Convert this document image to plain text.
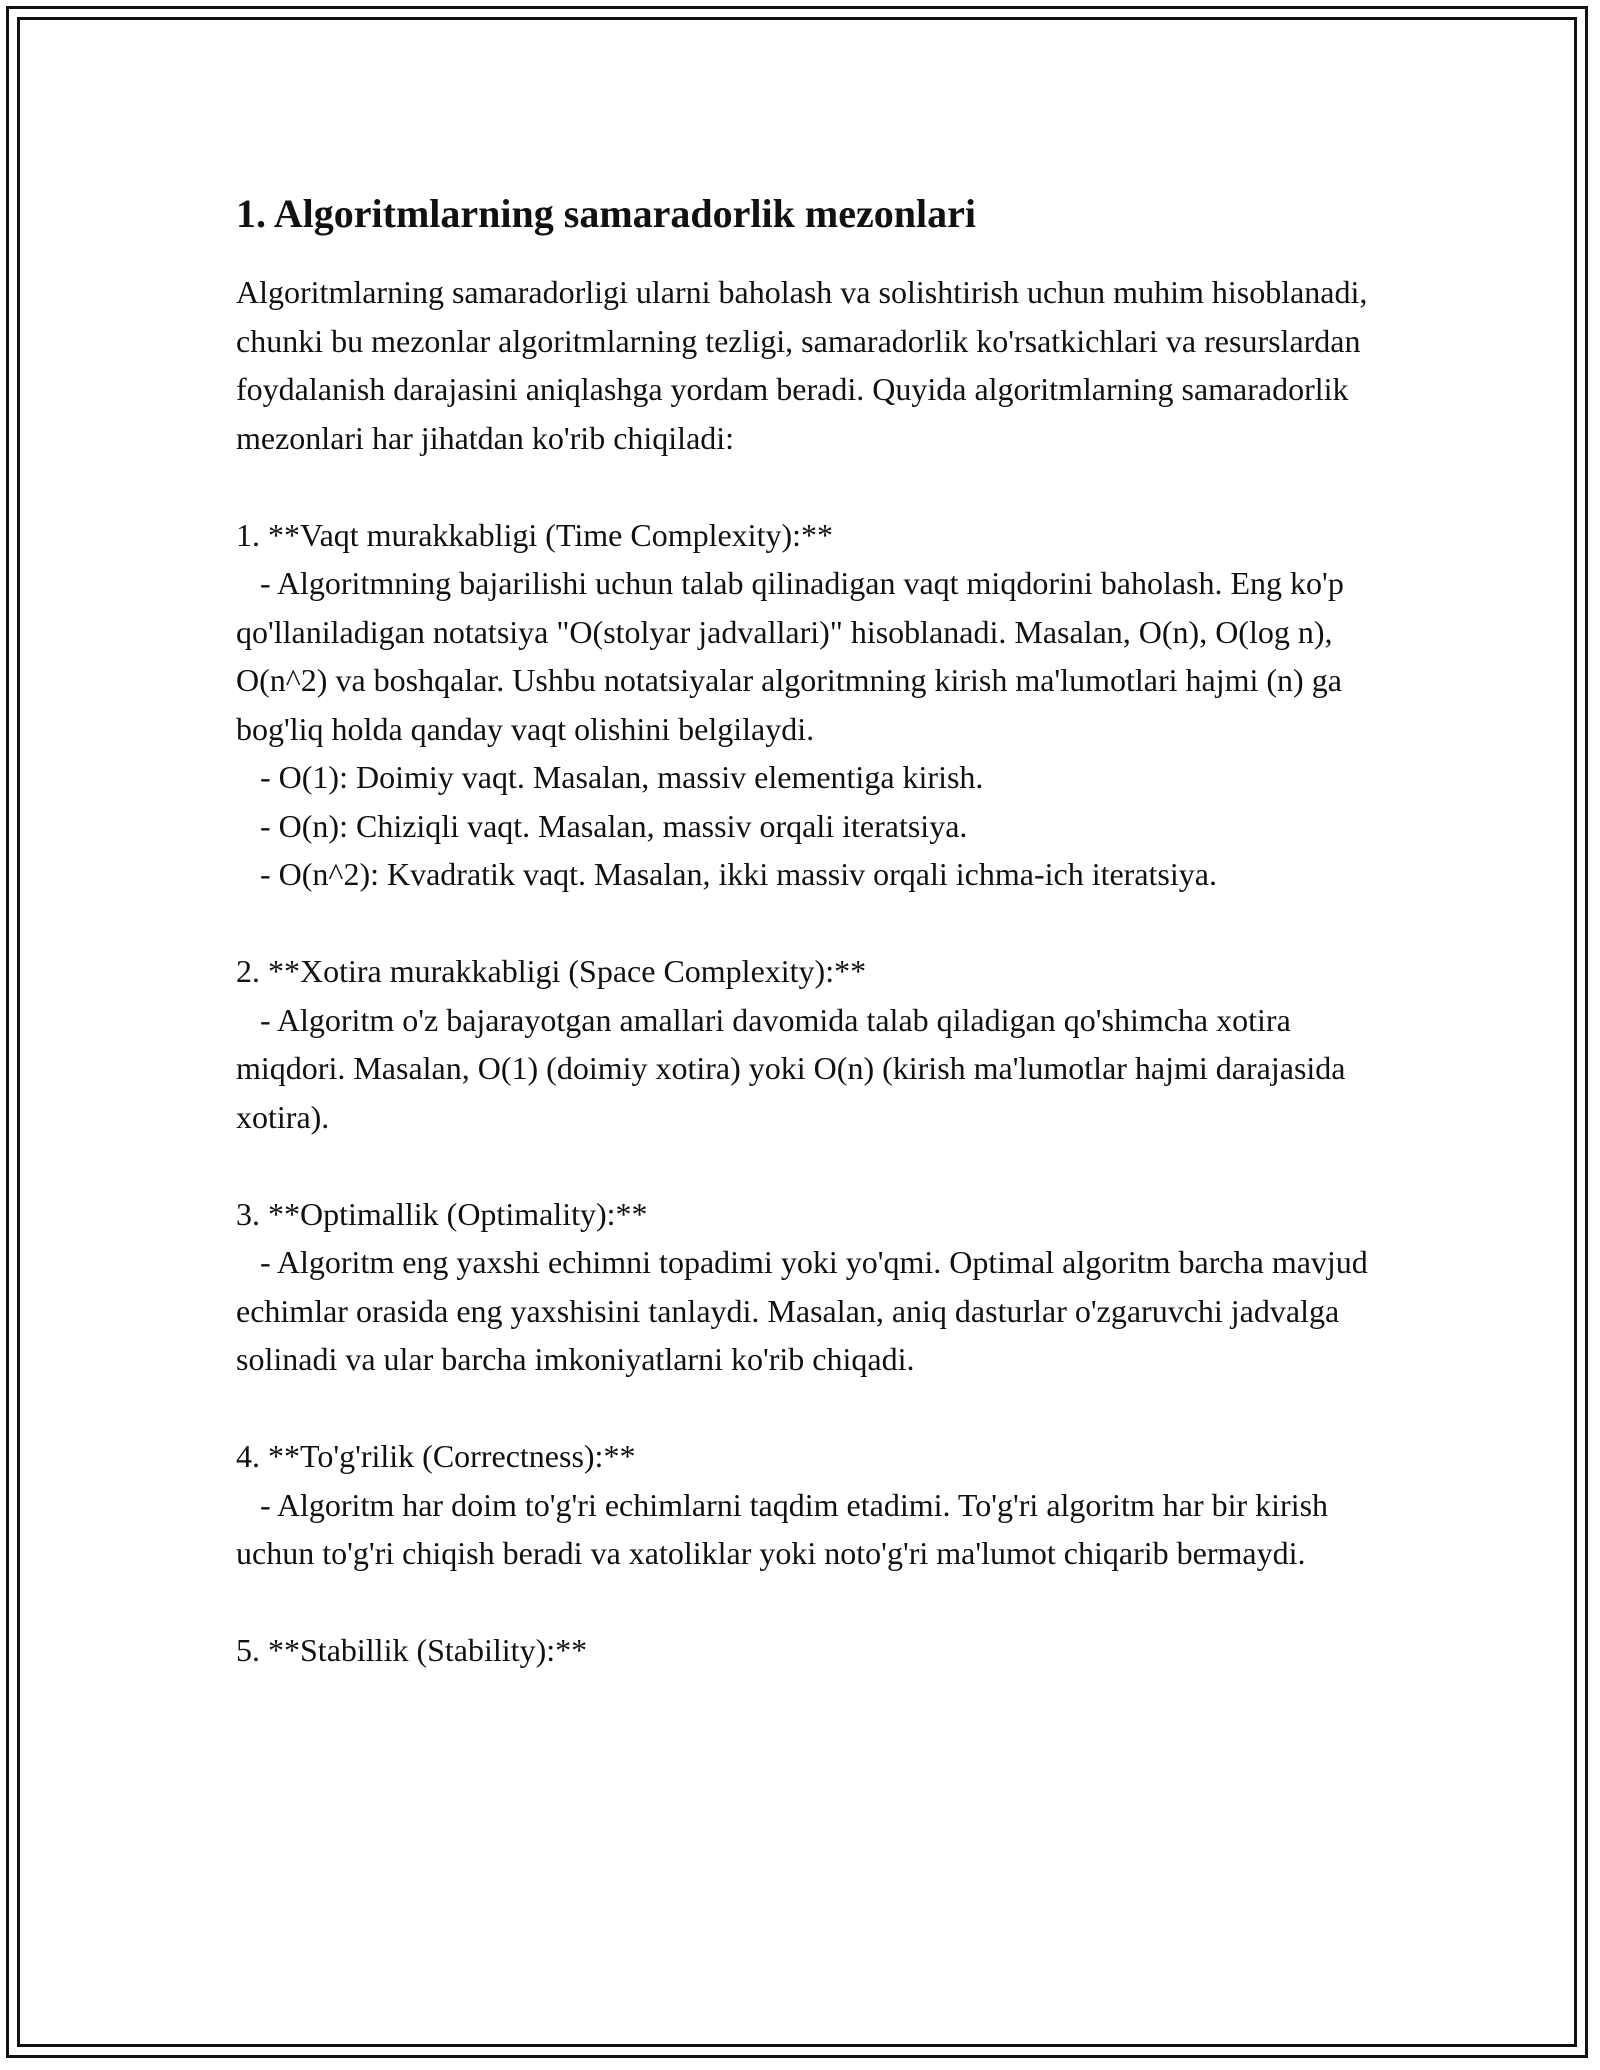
1. Algoritmlarning samaradorlik mezonlari

Algoritmlarning samaradorligi ularni baholash va solishtirish uchun muhim hisoblanadi, chunki bu mezonlar algoritmlarning tezligi, samaradorlik ko'rsatkichlari va resurslardan foydalanish darajasini aniqlashga yordam beradi. Quyida algoritmlarning samaradorlik mezonlari har jihatdan ko'rib chiqiladi:

1. **Vaqt murakkabligi (Time Complexity):**

- Algoritmning bajarilishi uchun talab qilinadigan vaqt miqdorini baholash. Eng ko'p qo'llaniladigan notatsiya "O(stolyar jadvallari)" hisoblanadi. Masalan, O(n), O(log n), O(n^2) va boshqalar. Ushbu notatsiyalar algoritmning kirish ma'lumotlari hajmi (n) ga bog'liq holda qanday vaqt olishini belgilaydi.

- O(1): Doimiy vaqt. Masalan, massiv elementiga kirish.

- O(n): Chiziqli vaqt. Masalan, massiv orqali iteratsiya.

- O(n^2): Kvadratik vaqt. Masalan, ikki massiv orqali ichma-ich iteratsiya.

2. **Xotira murakkabligi (Space Complexity):**

- Algoritm o'z bajarayotgan amallari davomida talab qiladigan qo'shimcha xotira miqdori. Masalan, O(1) (doimiy xotira) yoki O(n) (kirish ma'lumotlar hajmi darajasida xotira).

3. **Optimallik (Optimality):**

- Algoritm eng yaxshi echimni topadimi yoki yo'qmi. Optimal algoritm barcha mavjud echimlar orasida eng yaxshisini tanlaydi. Masalan, aniq dasturlar o'zgaruvchi jadvalga solinadi va ular barcha imkoniyatlarni ko'rib chiqadi.

4. **To'g'rilik (Correctness):**

- Algoritm har doim to'g'ri echimlarni taqdim etadimi. To'g'ri algoritm har bir kirish uchun to'g'ri chiqish beradi va xatoliklar yoki noto'g'ri ma'lumot chiqarib bermaydi.

5. **Stabillik (Stability):**
